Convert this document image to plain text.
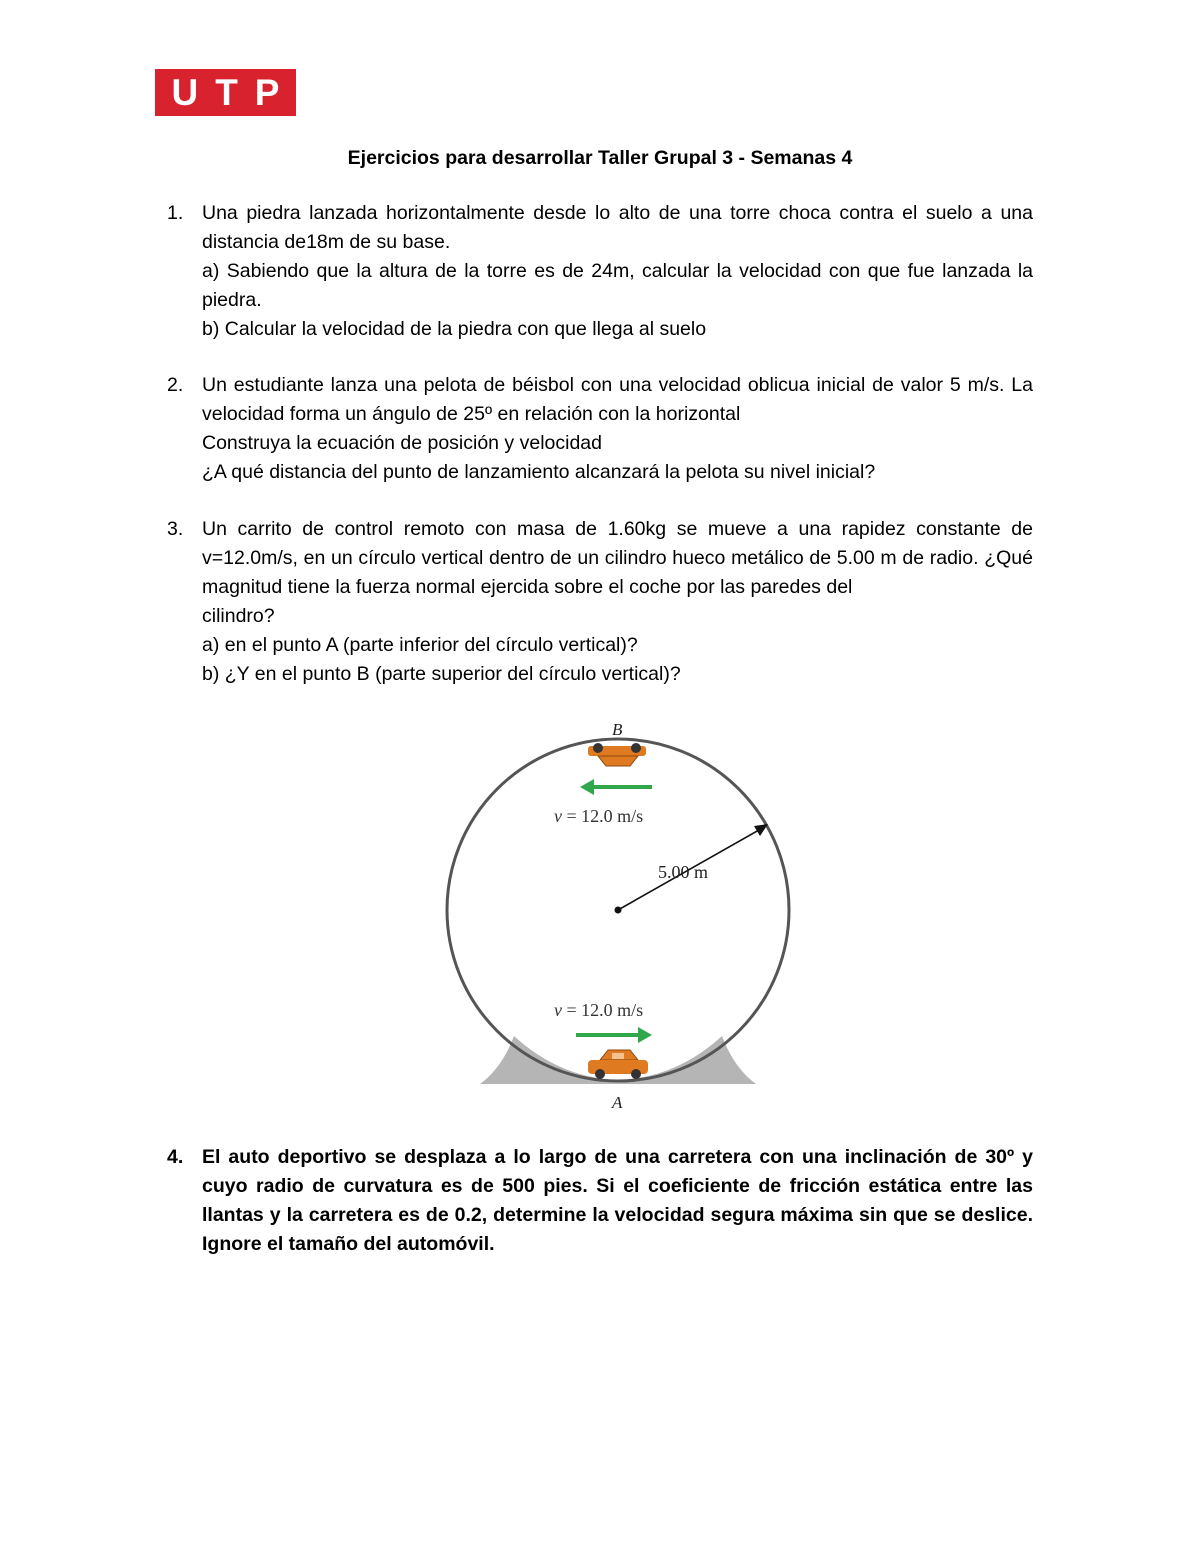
U T P
Ejercicios para desarrollar Taller Grupal 3 - Semanas 4
1. Una piedra lanzada horizontalmente desde lo alto de una torre choca contra el suelo a una distancia de18m de su base.

a) Sabiendo que la altura de la torre es de 24m, calcular la velocidad con que fue lanzada la piedra.

b) Calcular la velocidad de la piedra con que llega al suelo

2. Un estudiante lanza una pelota de béisbol con una velocidad oblicua inicial de valor 5 m/s. La velocidad forma un ángulo de 25º en relación con la horizontal

Construya la ecuación de posición y velocidad

¿A qué distancia del punto de lanzamiento alcanzará la pelota su nivel inicial?

3. Un carrito de control remoto con masa de 1.60kg se mueve a una rapidez constante de v=12.0m/s, en un círculo vertical dentro de un cilindro hueco metálico de 5.00 m de radio. ¿Qué magnitud tiene la fuerza normal ejercida sobre el coche por las paredes del

cilindro?

a) en el punto A (parte inferior del círculo vertical)?

b) ¿Y en el punto B (parte superior del círculo vertical)?

5.00 m
B
v = 12.0 m/s
v = 12.0 m/s
A
4. El auto deportivo se desplaza a lo largo de una carretera con una inclinación de 30º y cuyo radio de curvatura es de 500 pies. Si el coeficiente de fricción estática entre las llantas y la carretera es de 0.2, determine la velocidad segura máxima sin que se deslice. Ignore el tamaño del automóvil.
